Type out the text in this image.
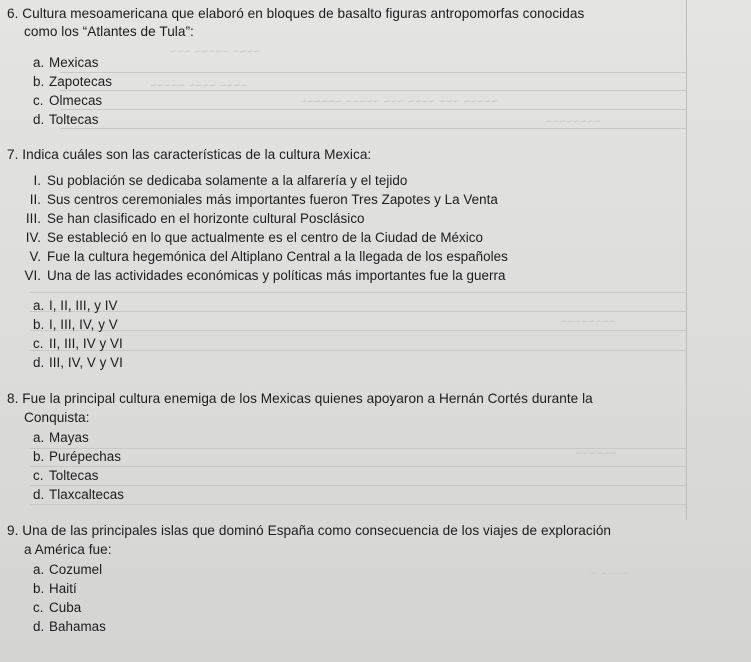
~~~~ ~~~~~ ~~~
~~~~ ~~~~ ~~~~~
~~~~~ ~~~ ~~~~ ~~~ ~~~~~ ~~~~~~
~~~~~~~~
~~~~~~~~
~~~~~~
~~~~ ~
6. Cultura mesoamericana que elaboró en bloques de basalto figuras antropomorfas conocidas
como los “Atlantes de Tula”:
a. Mexicas
b. Zapotecas
c. Olmecas
d. Toltecas
7. Indica cuáles son las características de la cultura Mexica:
I. Su población se dedicaba solamente a la alfarería y el tejido
II. Sus centros ceremoniales más importantes fueron Tres Zapotes y La Venta
III. Se han clasificado en el horizonte cultural Posclásico
IV. Se estableció en lo que actualmente es el centro de la Ciudad de México
V. Fue la cultura hegemónica del Altiplano Central a la llegada de los españoles
VI. Una de las actividades económicas y políticas más importantes fue la guerra
a. I, II, III, y IV
b. I, III, IV, y V
c. II, III, IV y VI
d. III, IV, V y VI
8. Fue la principal cultura enemiga de los Mexicas quienes apoyaron a Hernán Cortés durante la
Conquista:
a. Mayas
b. Purépechas
c. Toltecas
d. Tlaxcaltecas
9. Una de las principales islas que dominó España como consecuencia de los viajes de exploración
a América fue:
a. Cozumel
b. Haití
c. Cuba
d. Bahamas
